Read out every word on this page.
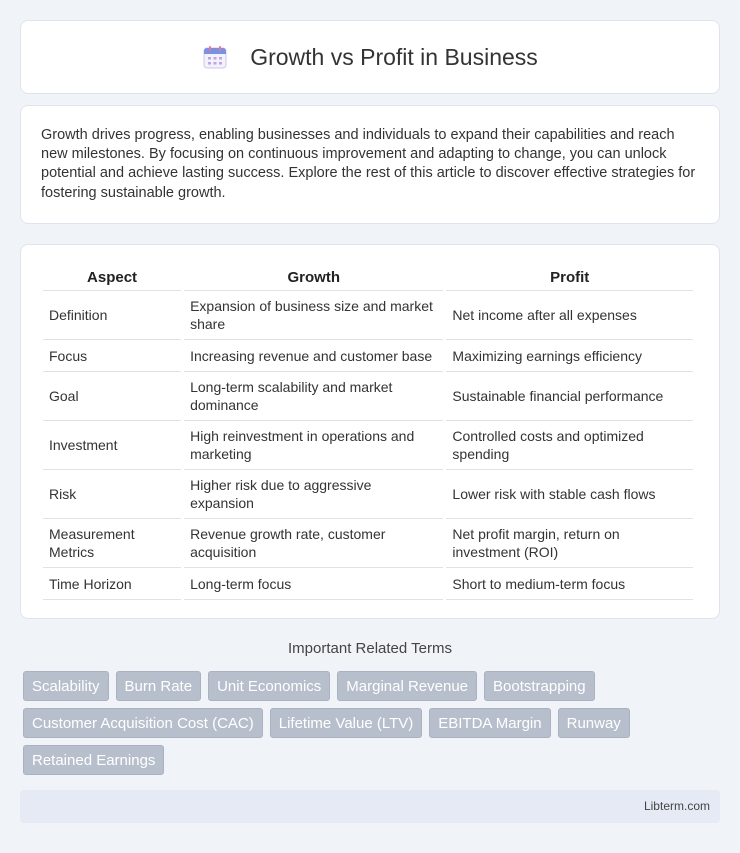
Growth vs Profit in Business

Growth drives progress, enabling businesses and individuals to expand their capabilities and reach new milestones. By focusing on continuous improvement and adapting to change, you can unlock potential and achieve lasting success. Explore the rest of this article to discover effective strategies for fostering sustainable growth.

Aspect	Growth	Profit
Definition	Expansion of business size and market share	Net income after all expenses
Focus	Increasing revenue and customer base	Maximizing earnings efficiency
Goal	Long-term scalability and market dominance	Sustainable financial performance
Investment	High reinvestment in operations and marketing	Controlled costs and optimized spending
Risk	Higher risk due to aggressive expansion	Lower risk with stable cash flows
Measurement Metrics	Revenue growth rate, customer acquisition	Net profit margin, return on investment (ROI)
Time Horizon	Long-term focus	Short to medium-term focus
Important Related Terms
Scalability	Burn Rate	Unit Economics	Marginal Revenue	Bootstrapping
Customer Acquisition Cost (CAC)	Lifetime Value (LTV)	EBITDA Margin	Runway
Retained Earnings
Libterm.com
